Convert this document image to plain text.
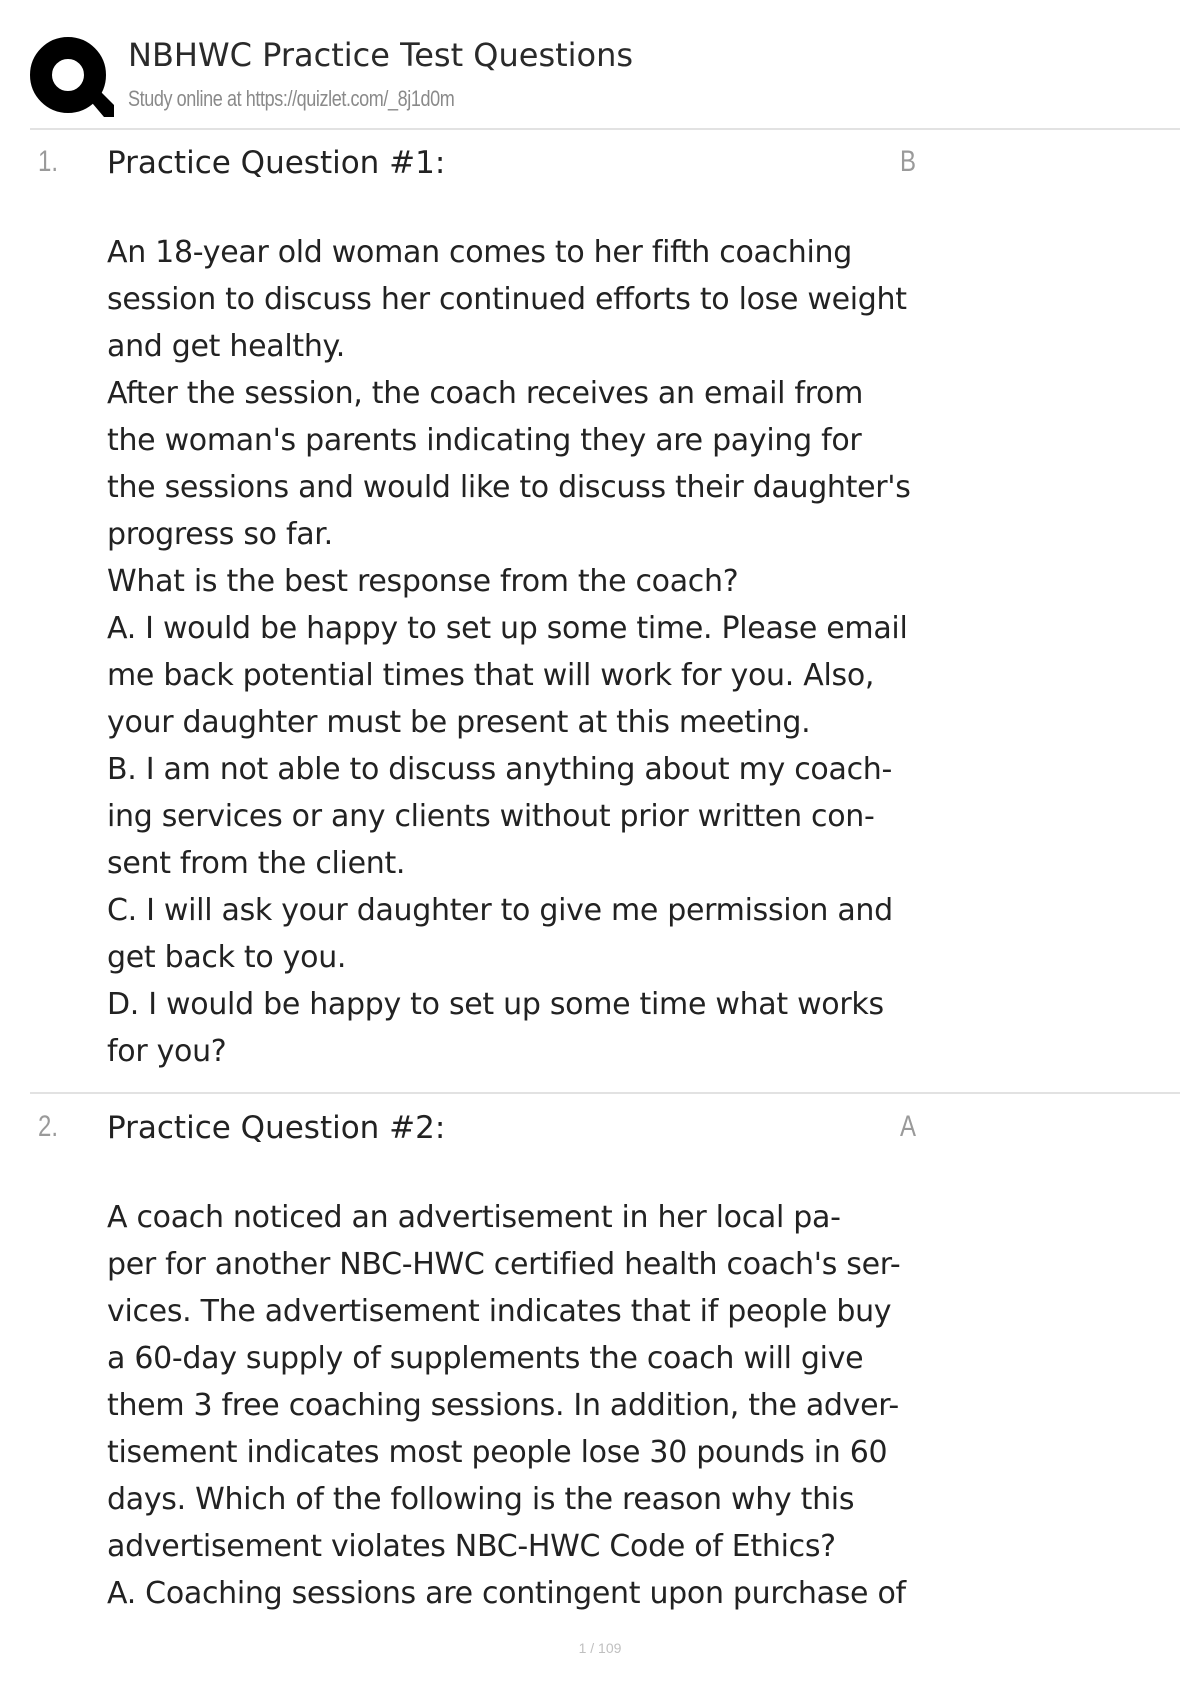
NBHWC Practice Test Questions
Study online at https://quizlet.com/_8j1d0m
1. Practice Question #1:	B
An 18-year old woman comes to her fifth coaching
session to discuss her continued efforts to lose weight
and get healthy.
After the session, the coach receives an email from
the woman's parents indicating they are paying for
the sessions and would like to discuss their daughter's
progress so far.
What is the best response from the coach?
A. I would be happy to set up some time. Please email
me back potential times that will work for you. Also,
your daughter must be present at this meeting.
B. I am not able to discuss anything about my coach-
ing services or any clients without prior written con-
sent from the client.
C. I will ask your daughter to give me permission and
get back to you.
D. I would be happy to set up some time what works
for you?
2. Practice Question #2:	A
A coach noticed an advertisement in her local pa-
per for another NBC-HWC certified health coach's ser-
vices. The advertisement indicates that if people buy
a 60-day supply of supplements the coach will give
them 3 free coaching sessions. In addition, the adver-
tisement indicates most people lose 30 pounds in 60
days. Which of the following is the reason why this
advertisement violates NBC-HWC Code of Ethics?
A. Coaching sessions are contingent upon purchase of
1 / 109
